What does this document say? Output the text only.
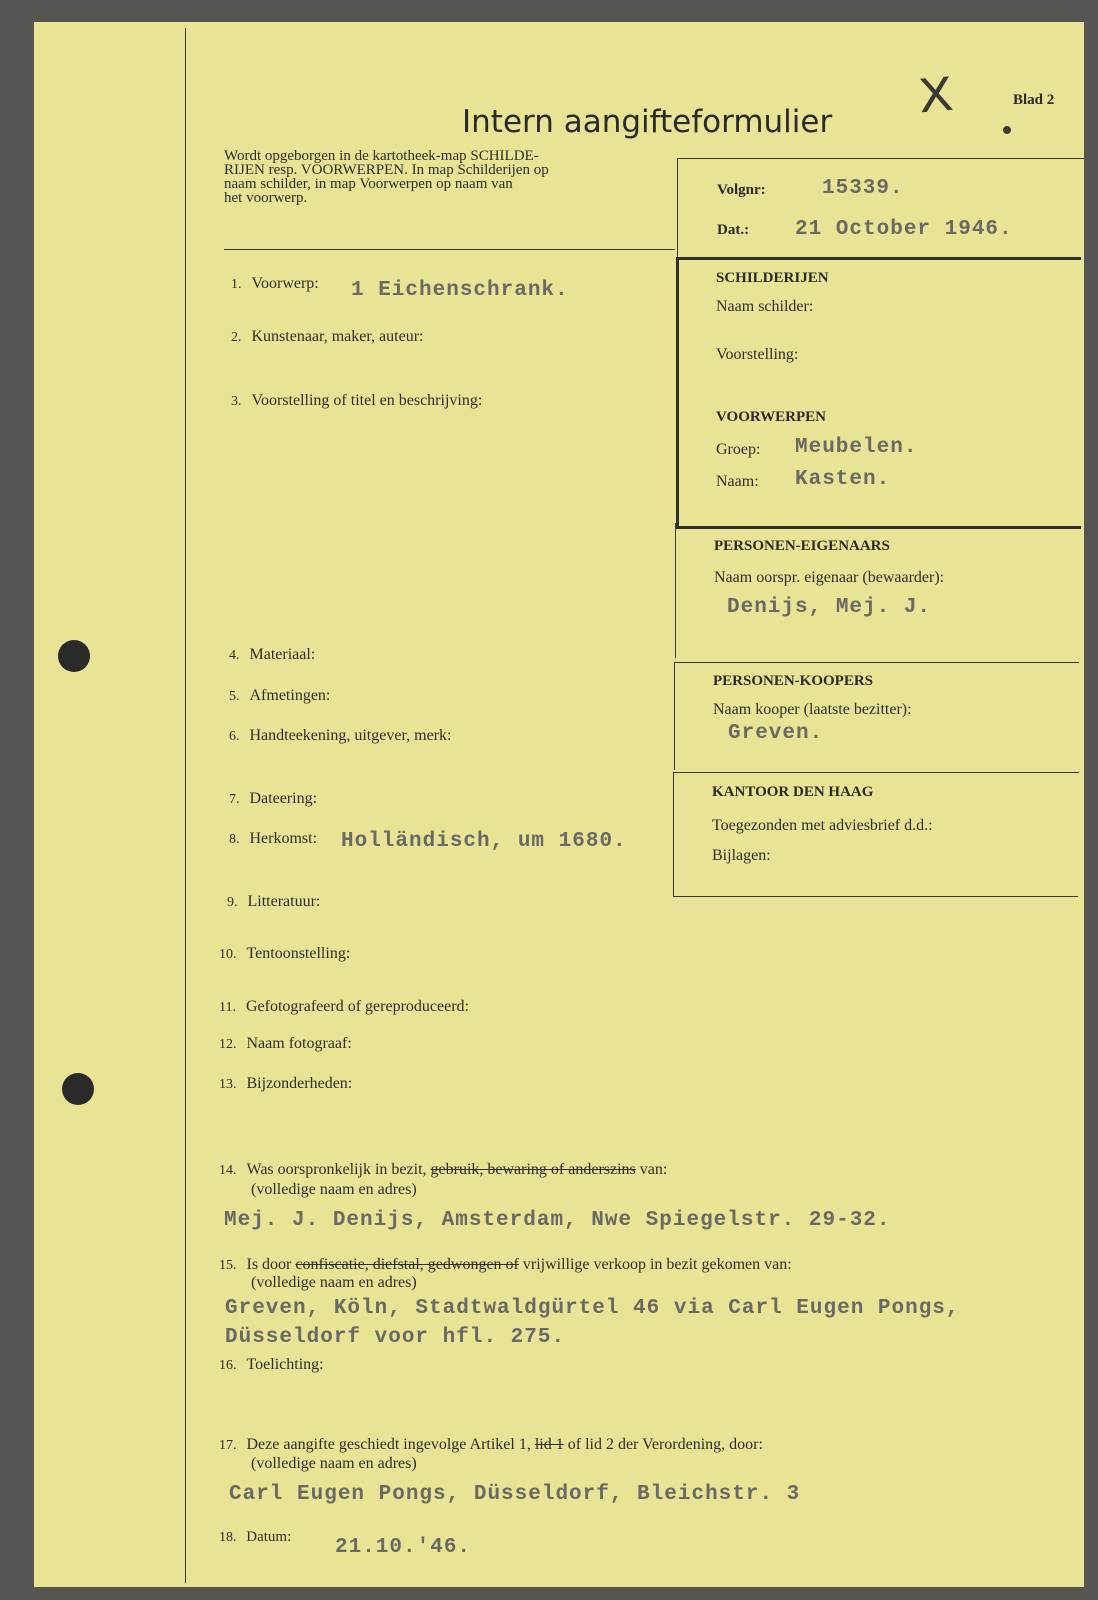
Intern aangifteformulier X	Blad 2
Wordt opgeborgen in de kartotheek-map SCHILDE-
RIJEN resp. VOORWERPEN. In map Schilderijen op
naam schilder, in map Voorwerpen op naam van
het voorwerp.	Volgnr:	15339.
Dat.: 21 October 1946.
SCHILDERIJEN
Naam schilder:
Voorstelling:
VOORWERPEN
Groep: Meubelen.
Naam: Kasten.
PERSONEN-EIGENAARS
Naam oorspr. eigenaar (bewaarder):
Denijs, Mej. J.
PERSONEN-KOOPERS
Naam kooper (laatste bezitter):
Greven.
KANTOOR DEN HAAG
Toegezonden met adviesbrief d.d.:
Bijlagen:
1. Voorwerp: 1 Eichenschrank.
2. Kunstenaar, maker, auteur:
3. Voorstelling of titel en beschrijving:
4. Materiaal:
5. Afmetingen:
6. Handteekening, uitgever, merk:
7. Dateering:
8. Herkomst: Holländisch, um 1680.
9. Litteratuur:
10. Tentoonstelling:
11. Gefotografeerd of gereproduceerd:
12. Naam fotograaf:
13. Bijzonderheden:
14. Was oorspronkelijk in bezit, gebruik, bewaring of anderszins van:
(volledige naam en adres)
Mej. J. Denijs, Amsterdam, Nwe Spiegelstr. 29-32.
15. Is door confiscatie, diefstal, gedwongen of vrijwillige verkoop in bezit gekomen van:
(volledige naam en adres)
Greven, Köln, Stadtwaldgürtel 46 via Carl Eugen Pongs,
Düsseldorf voor hfl. 275.
16. Toelichting:
17. Deze aangifte geschiedt ingevolge Artikel 1, lid 1 of lid 2 der Verordening, door:
(volledige naam en adres)
Carl Eugen Pongs, Düsseldorf, Bleichstr. 3
18. Datum: 21.10.'46.
